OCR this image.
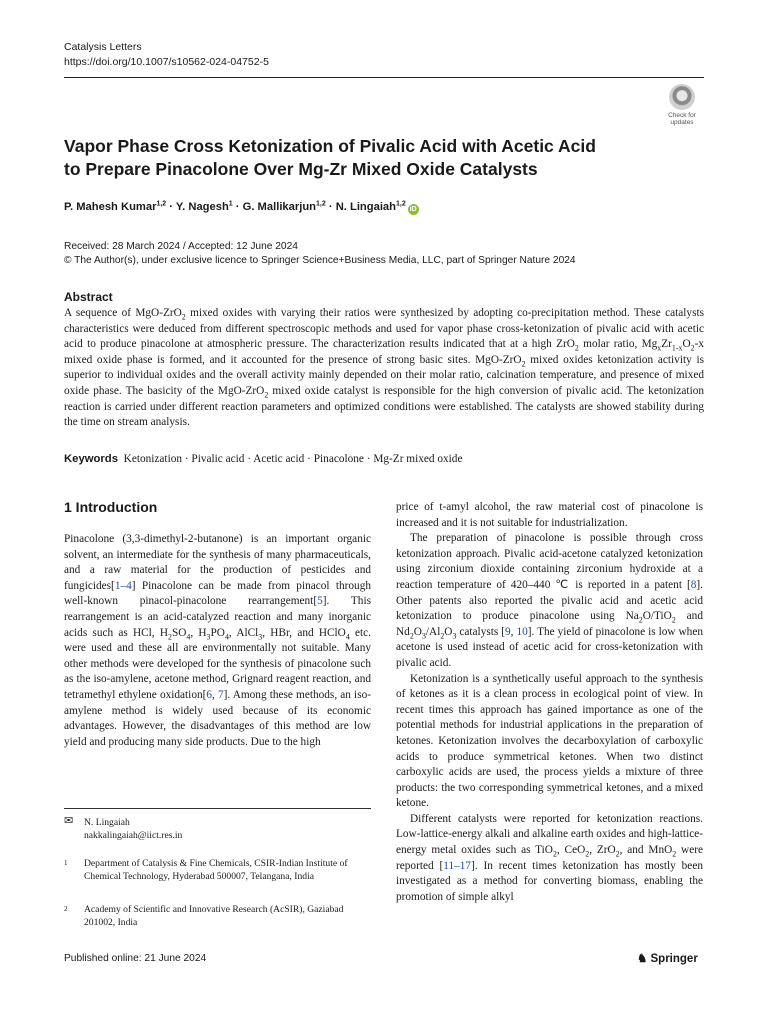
Catalysis Letters
https://doi.org/10.1007/s10562-024-04752-5
Check for
updates
Vapor Phase Cross Ketonization of Pivalic Acid with Acetic Acid
to Prepare Pinacolone Over Mg-Zr Mixed Oxide Catalysts
P. Mahesh Kumar$^{1,2}$ · Y. Nagesh$^1$ · G. Mallikarjun$^{1,2}$ · N. Lingaiah$^{1,2}$iD
Received: 28 March 2024 / Accepted: 12 June 2024
© The Author(s), under exclusive licence to Springer Science+Business Media, LLC, part of Springer Nature 2024
Abstract
A sequence of MgO-ZrO$_2$ mixed oxides with varying their ratios were synthesized by adopting co-precipitation method. These catalysts characteristics were deduced from different spectroscopic methods and used for vapor phase cross-ketonization of pivalic acid with acetic acid to produce pinacolone at atmospheric pressure. The characterization results indicated that at a high ZrO$_2$ molar ratio, $Mg_xZr_{1-x}O_2-x$ mixed oxide phase is formed, and it accounted for the presence of strong basic sites. MgO-ZrO$_2$ mixed oxides ketonization activity is superior to individual oxides and the overall activity mainly depended on their molar ratio, calcination temperature, and presence of mixed oxide phase. The basicity of the MgO-ZrO$_2$ mixed oxide catalyst is responsible for the high conversion of pivalic acid. The ketonization reaction is carried under different reaction parameters and optimized conditions were established. The catalysts are showed stability during the time on stream analysis.
Keywords Ketonization · Pivalic acid · Acetic acid · Pinacolone · Mg-Zr mixed oxide
1 Introduction

Pinacolone (3,3-dimethyl-2-butanone) is an important organic solvent, an intermediate for the synthesis of many pharmaceuticals, and a raw material for the production of pesticides and fungicides[1–4] Pinacolone can be made from pinacol through well-known pinacol-pinacolone rearrangement[5]. This rearrangement is an acid-catalyzed reaction and many inorganic acids such as HCl, $H_2SO_4$, $H_3PO_4$, AlCl$_3$, HBr, and HClO$_4$ etc. were used and these all are environmentally not suitable. Many other methods were developed for the synthesis of pinacolone such as the iso-amylene, acetone method, Grignard reagent reaction, and tetramethyl ethylene oxidation[6, 7]. Among these methods, an iso-amylene method is widely used because of its economic advantages. However, the disadvantages of this method are low yield and producing many side products. Due to the high

✉ N. Lingaiah
nakkalingaiah@iict.res.in
1 Department of Catalysis & Fine Chemicals, CSIR-Indian Institute of Chemical Technology, Hyderabad 500007, Telangana, India
2 Academy of Scientific and Innovative Research (AcSIR), Gaziabad 201002, India

price of t-amyl alcohol, the raw material cost of pinacolone is increased and it is not suitable for industrialization.

The preparation of pinacolone is possible through cross ketonization approach. Pivalic acid-acetone catalyzed ketonization using zirconium dioxide containing zirconium hydroxide at a reaction temperature of 420–440 ℃ is reported in a patent [8]. Other patents also reported the pivalic acid and acetic acid ketonization to produce pinacolone using $Na_2O/TiO_2$ and $Nd_2O_3/Al_2O_3$ catalysts [9, 10]. The yield of pinacolone is low when acetone is used instead of acetic acid for cross-ketonization with pivalic acid.

Ketonization is a synthetically useful approach to the synthesis of ketones as it is a clean process in ecological point of view. In recent times this approach has gained importance as one of the potential methods for industrial applications in the preparation of ketones. Ketonization involves the decarboxylation of carboxylic acids to produce symmetrical ketones. When two distinct carboxylic acids are used, the process yields a mixture of three products: the two corresponding symmetrical ketones, and a mixed ketone.

Different catalysts were reported for ketonization reactions. Low-lattice-energy alkali and alkaline earth oxides and high-lattice-energy metal oxides such as TiO$_2$, CeO$_2$, ZrO$_2$, and MnO$_2$ were reported [11–17]. In recent times ketonization has mostly been investigated as a method for converting biomass, enabling the promotion of simple alkyl

Published online: 21 June 2024	♞ Springer
